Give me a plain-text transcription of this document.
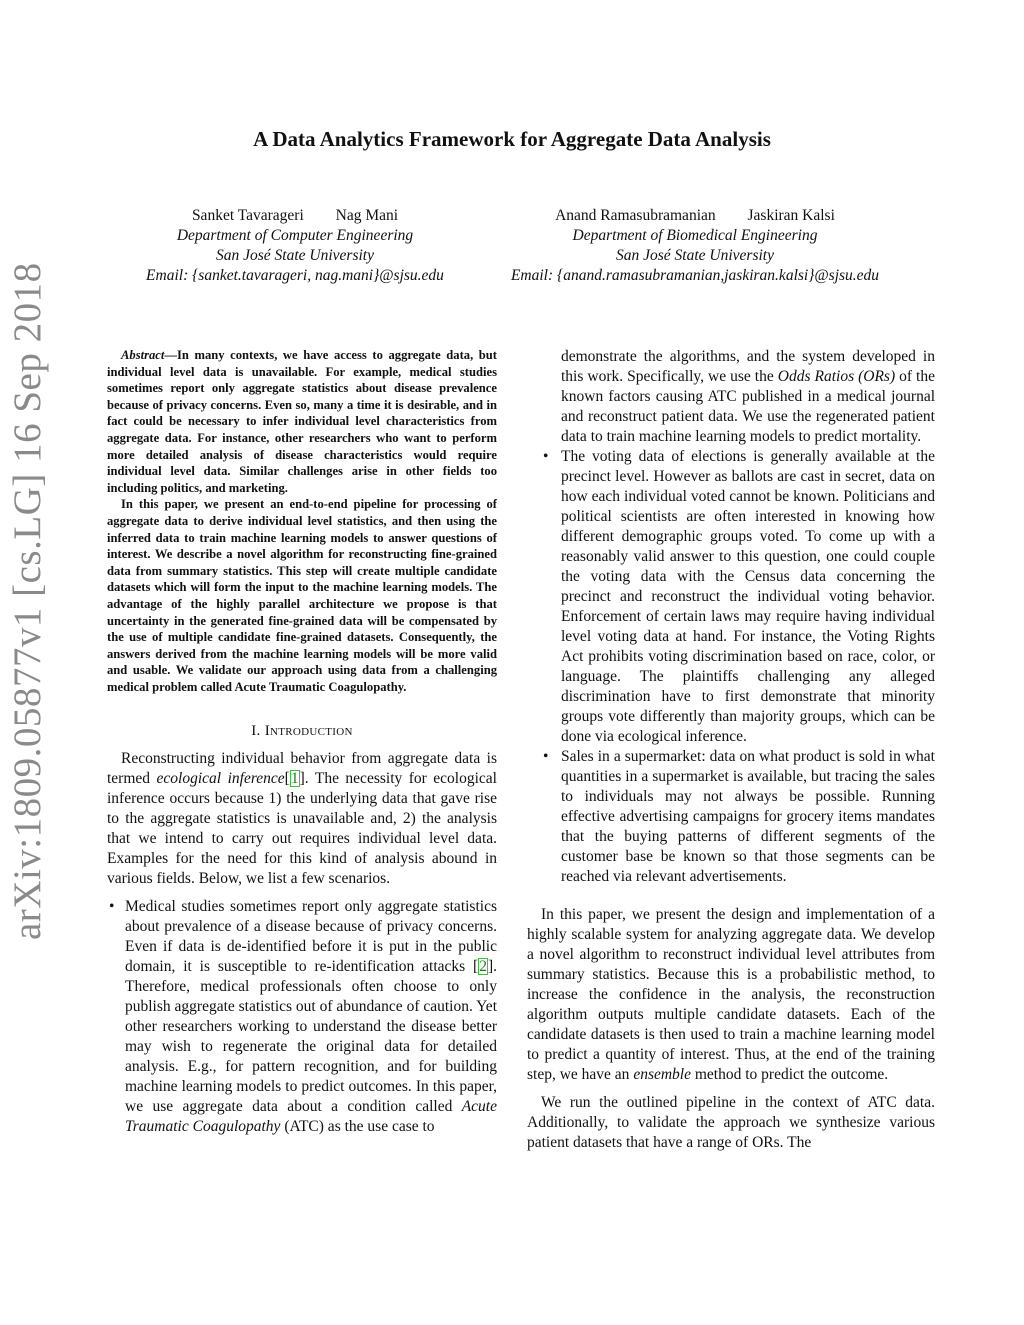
arXiv:1809.05877v1 [cs.LG] 16 Sep 2018
A Data Analytics Framework for Aggregate Data Analysis
Sanket Tavarageri Nag Mani
Department of Computer Engineering
San José State University
Email: {sanket.tavarageri, nag.mani}@sjsu.edu
Anand Ramasubramanian Jaskiran Kalsi
Department of Biomedical Engineering
San José State University
Email: {anand.ramasubramanian,jaskiran.kalsi}@sjsu.edu

Abstract—In many contexts, we have access to aggregate data, but individual level data is unavailable. For example, medical studies sometimes report only aggregate statistics about disease prevalence because of privacy concerns. Even so, many a time it is desirable, and in fact could be necessary to infer individual level characteristics from aggregate data. For instance, other researchers who want to perform more detailed analysis of disease characteristics would require individual level data. Similar challenges arise in other fields too including politics, and marketing.

In this paper, we present an end-to-end pipeline for processing of aggregate data to derive individual level statistics, and then using the inferred data to train machine learning models to answer questions of interest. We describe a novel algorithm for reconstructing fine-grained data from summary statistics. This step will create multiple candidate datasets which will form the input to the machine learning models. The advantage of the highly parallel architecture we propose is that uncertainty in the generated fine-grained data will be compensated by the use of multiple candidate fine-grained datasets. Consequently, the answers derived from the machine learning models will be more valid and usable. We validate our approach using data from a challenging medical problem called Acute Traumatic Coagulopathy.

I. Introduction

Reconstructing individual behavior from aggregate data is termed ecological inference[1]. The necessity for ecological inference occurs because 1) the underlying data that gave rise to the aggregate statistics is unavailable and, 2) the analysis that we intend to carry out requires individual level data. Examples for the need for this kind of analysis abound in various fields. Below, we list a few scenarios.

• Medical studies sometimes report only aggregate statistics about prevalence of a disease because of privacy concerns. Even if data is de-identified before it is put in the public domain, it is susceptible to re-identification attacks [2]. Therefore, medical professionals often choose to only publish aggregate statistics out of abundance of caution. Yet other researchers working to understand the disease better may wish to regenerate the original data for detailed analysis. E.g., for pattern recognition, and for building machine learning models to predict outcomes. In this paper, we use aggregate data about a condition called Acute Traumatic Coagulopathy (ATC) as the use case to
demonstrate the algorithms, and the system developed in this work. Specifically, we use the Odds Ratios (ORs) of the known factors causing ATC published in a medical journal and reconstruct patient data. We use the regenerated patient data to train machine learning models to predict mortality.
• The voting data of elections is generally available at the precinct level. However as ballots are cast in secret, data on how each individual voted cannot be known. Politicians and political scientists are often interested in knowing how different demographic groups voted. To come up with a reasonably valid answer to this question, one could couple the voting data with the Census data concerning the precinct and reconstruct the individual voting behavior. Enforcement of certain laws may require having individual level voting data at hand. For instance, the Voting Rights Act prohibits voting discrimination based on race, color, or language. The plaintiffs challenging any alleged discrimination have to first demonstrate that minority groups vote differently than majority groups, which can be done via ecological inference.
• Sales in a supermarket: data on what product is sold in what quantities in a supermarket is available, but tracing the sales to individuals may not always be possible. Running effective advertising campaigns for grocery items mandates that the buying patterns of different segments of the customer base be known so that those segments can be reached via relevant advertisements.

In this paper, we present the design and implementation of a highly scalable system for analyzing aggregate data. We develop a novel algorithm to reconstruct individual level attributes from summary statistics. Because this is a probabilistic method, to increase the confidence in the analysis, the reconstruction algorithm outputs multiple candidate datasets. Each of the candidate datasets is then used to train a machine learning model to predict a quantity of interest. Thus, at the end of the training step, we have an ensemble method to predict the outcome.

We run the outlined pipeline in the context of ATC data. Additionally, to validate the approach we synthesize various patient datasets that have a range of ORs. The
